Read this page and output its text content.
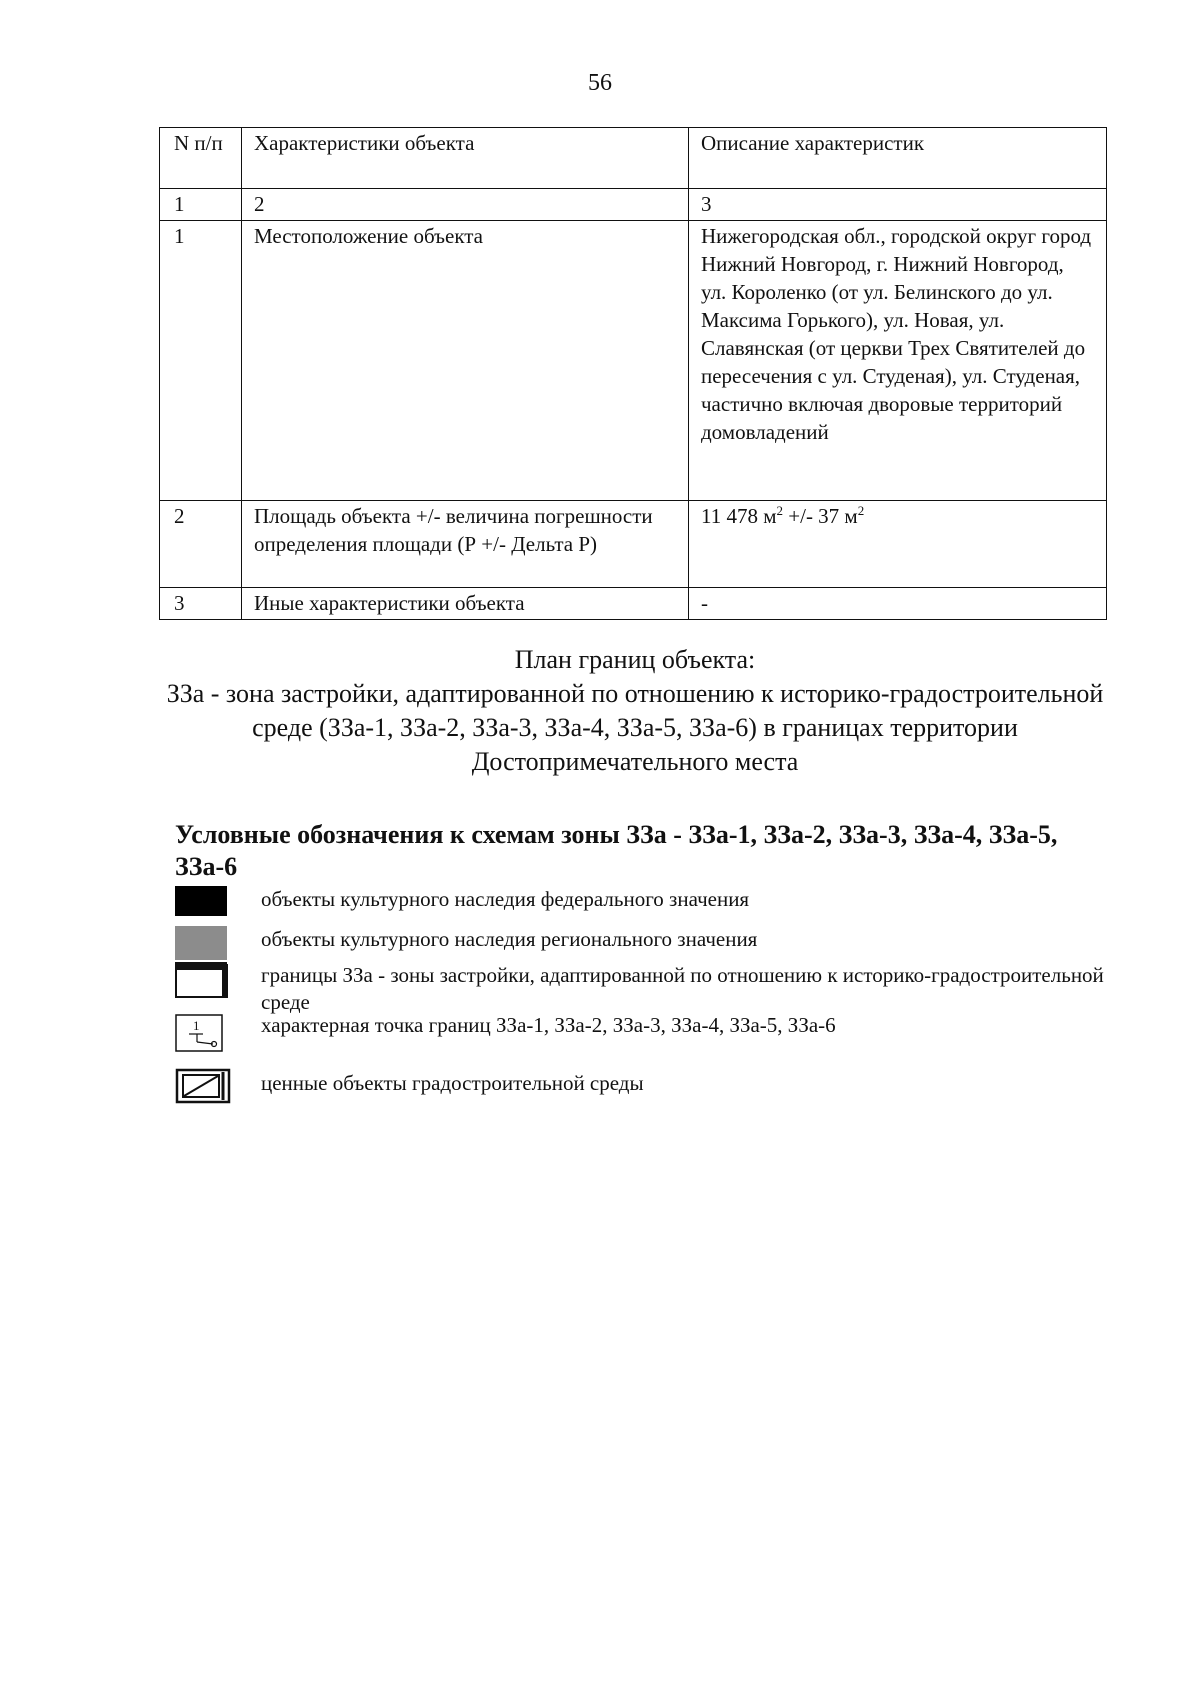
56
N п/п	Характеристики объекта	Описание характеристик
1	2	3
1	Местоположение объекта	Нижегородская обл., городской округ город Нижний Новгород, г. Нижний Новгород, ул. Короленко (от ул. Белинского до ул. Максима Горького), ул. Новая, ул. Славянская (от церкви Трех Святителей до пересечения с ул. Студеная), ул. Студеная, частично включая дворовые территорий домовладений
2	Площадь объекта +/- величина погрешности определения площади (Р +/- Дельта Р)	11 478 $м^2$ +/- 37 $м^2$
3	Иные характеристики объекта	-
План границ объекта:
ЗЗа - зона застройки, адаптированной по отношению к историко-градостроительной среде (ЗЗа-1, ЗЗа-2, ЗЗа-3, ЗЗа-4, ЗЗа-5, ЗЗа-6) в границах территории Достопримечательного места
Условные обозначения к схемам зоны ЗЗа - ЗЗа-1, ЗЗа-2, ЗЗа-3, ЗЗа-4, ЗЗа-5, ЗЗа-6
объекты культурного наследия федерального значения
объекты культурного наследия регионального значения
границы ЗЗа - зоны застройки, адаптированной по отношению к историко-градостроительной среде
1	характерная точка границ ЗЗа-1, ЗЗа-2, ЗЗа-3, ЗЗа-4, ЗЗа-5, ЗЗа-6
ценные объекты градостроительной среды
